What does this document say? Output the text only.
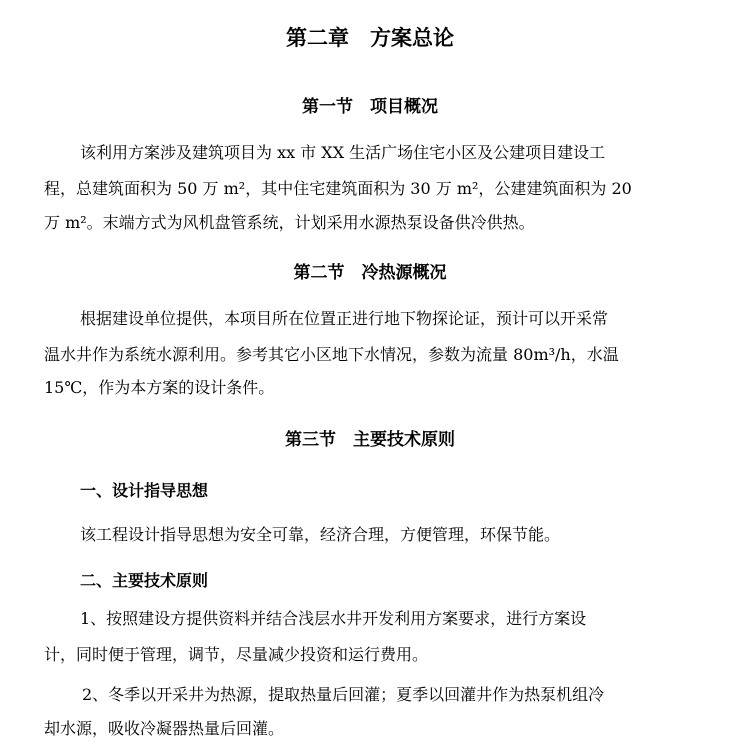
第二章　方案总论
第一节　项目概况
该利用方案涉及建筑项目为 xx 市 XX 生活广场住宅小区及公建项目建设工
程，总建筑面积为 50 万 m²，其中住宅建筑面积为 30 万 m²，公建建筑面积为 20
万 m²。末端方式为风机盘管系统，计划采用水源热泵设备供冷供热。
第二节　冷热源概况
根据建设单位提供，本项目所在位置正进行地下物探论证，预计可以开采常
温水井作为系统水源利用。参考其它小区地下水情况，参数为流量 80m³/h，水温
15℃，作为本方案的设计条件。
第三节　主要技术原则
一、设计指导思想
该工程设计指导思想为安全可靠，经济合理，方便管理，环保节能。
二、主要技术原则
1、按照建设方提供资料并结合浅层水井开发利用方案要求，进行方案设
计，同时便于管理，调节，尽量减少投资和运行费用。
2、冬季以开采井为热源，提取热量后回灌；夏季以回灌井作为热泵机组冷
却水源，吸收冷凝器热量后回灌。
